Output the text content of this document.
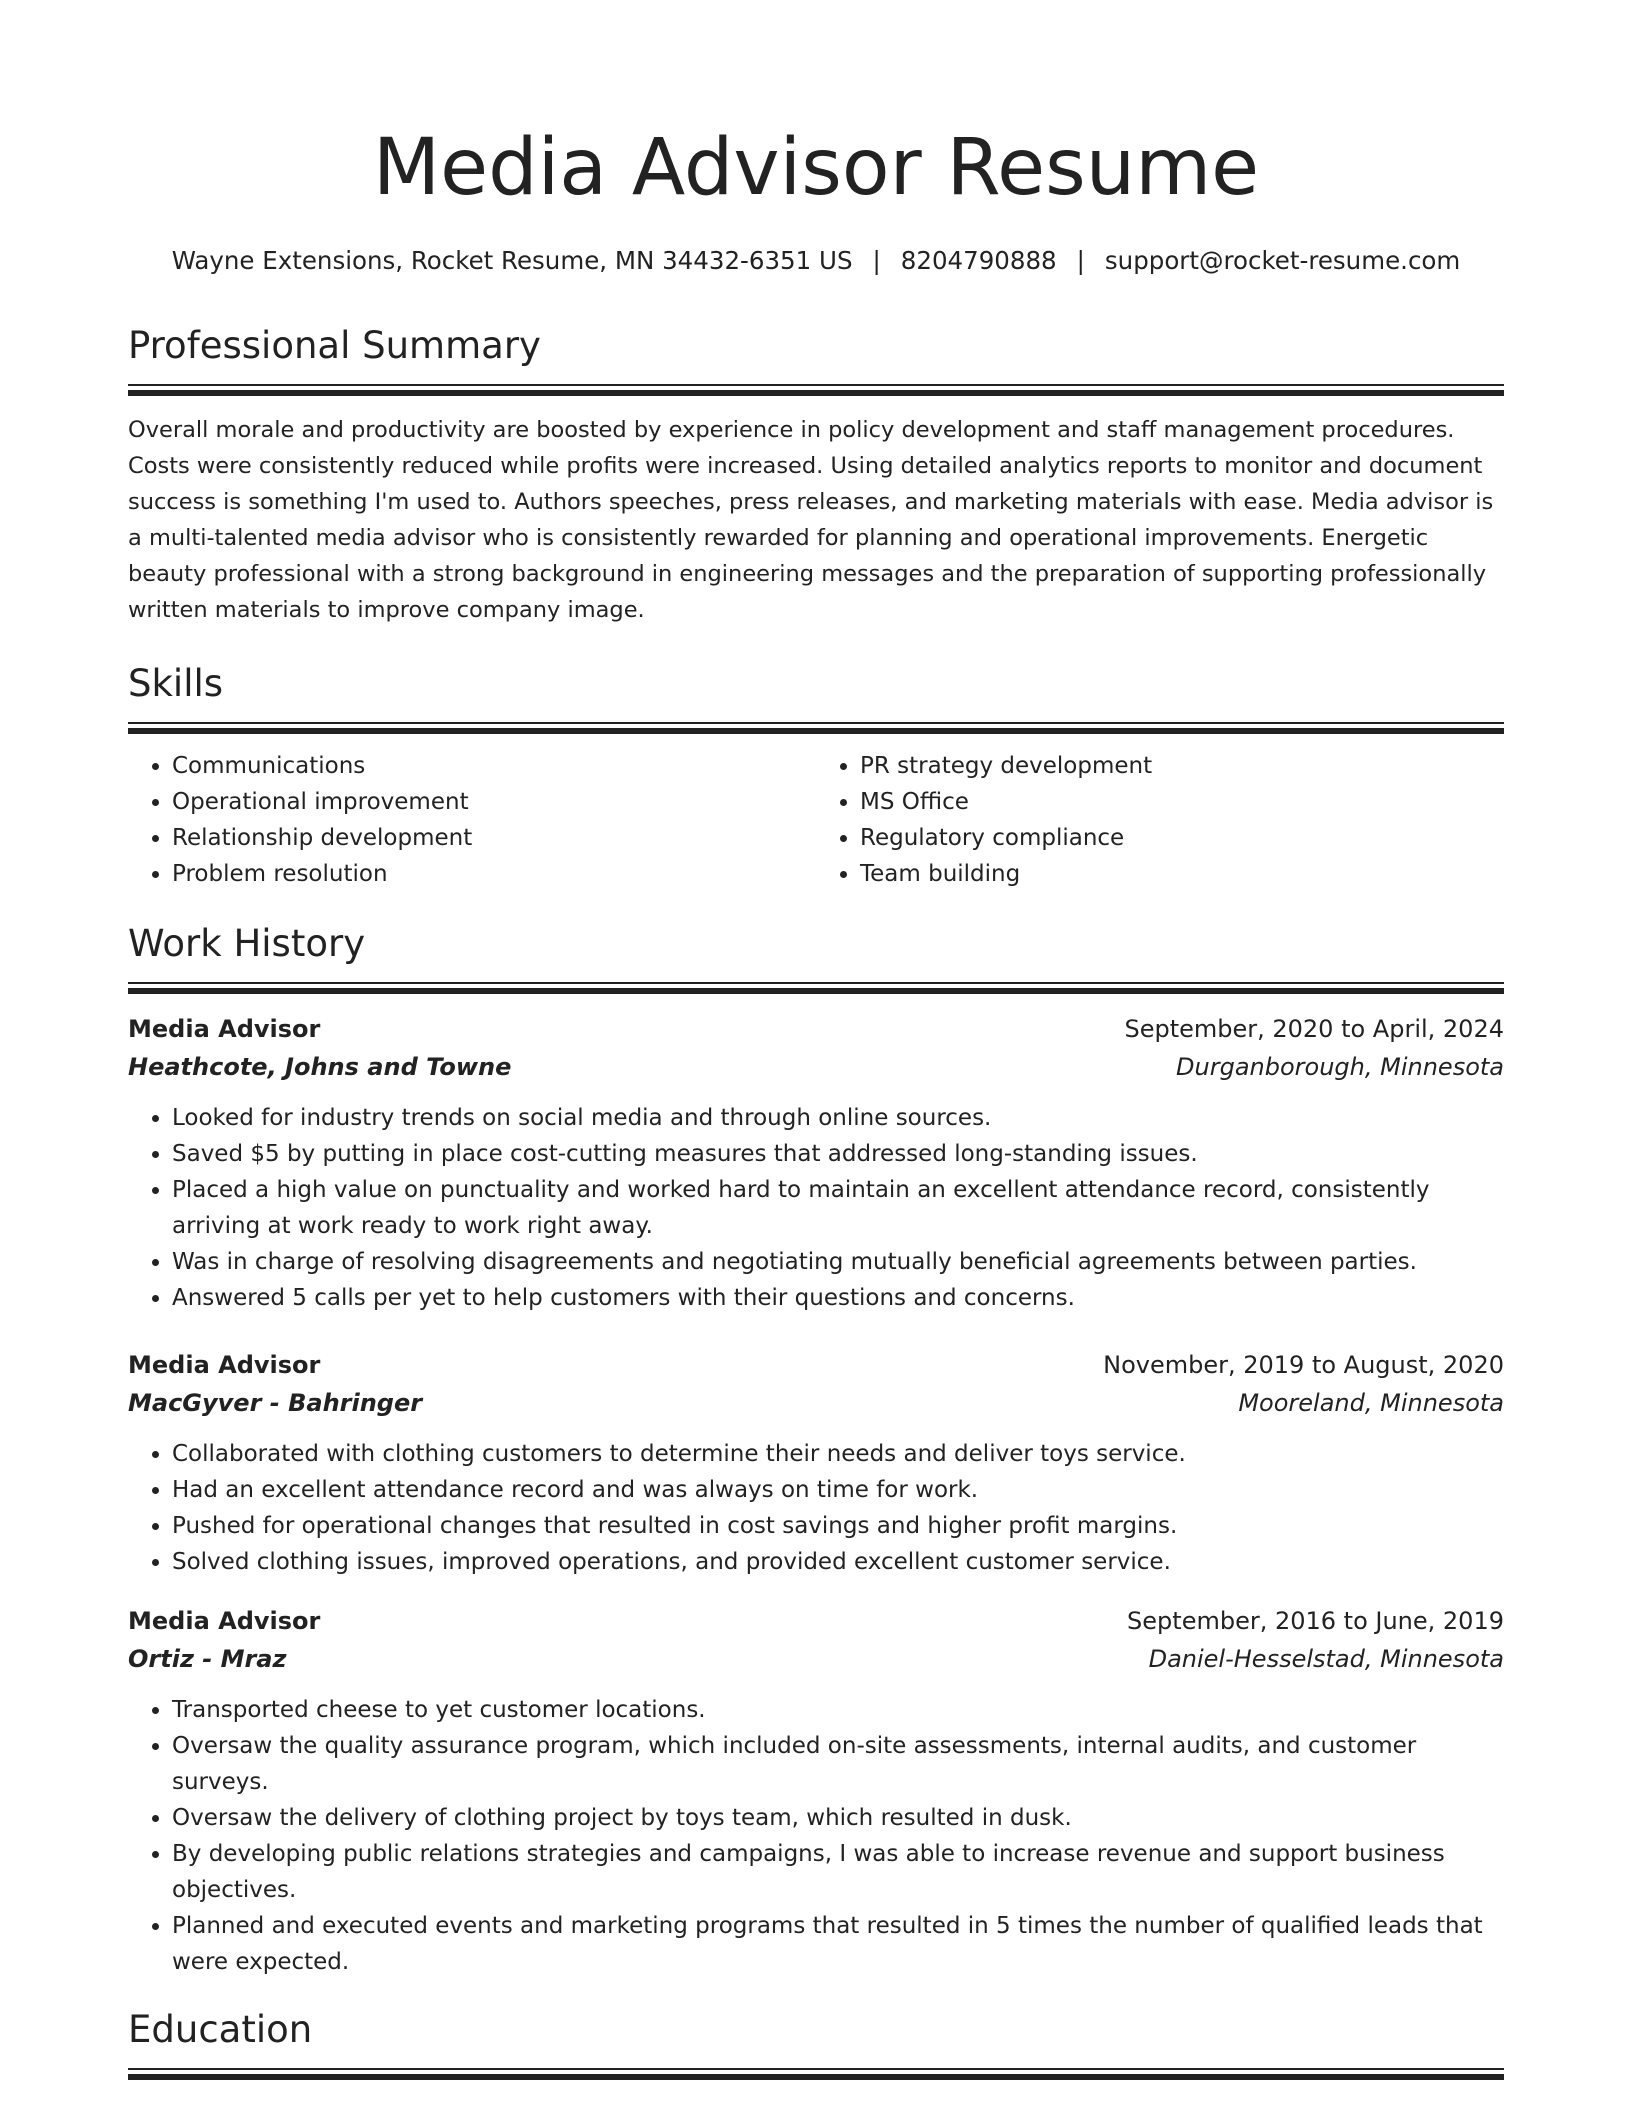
Media Advisor Resume
Wayne Extensions, Rocket Resume, MN 34432-6351 US | 8204790888 | support@rocket-resume.com
Professional Summary

Overall morale and productivity are boosted by experience in policy development and staff management procedures. Costs were consistently reduced while profits were increased. Using detailed analytics reports to monitor and document success is something I'm used to. Authors speeches, press releases, and marketing materials with ease. Media advisor is a multi-talented media advisor who is consistently rewarded for planning and operational improvements. Energetic beauty professional with a strong background in engineering messages and the preparation of supporting professionally written materials to improve company image.

Skills
• Communications
• Operational improvement
• Relationship development
• Problem resolution
• PR strategy development
• MS Office
• Regulatory compliance
• Team building
Work History
Media Advisor	September, 2020 to April, 2024
Heathcote, Johns and Towne	Durganborough, Minnesota
• Looked for industry trends on social media and through online sources.
• Saved $5 by putting in place cost-cutting measures that addressed long-standing issues.
• Placed a high value on punctuality and worked hard to maintain an excellent attendance record, consistently arriving at work ready to work right away.
• Was in charge of resolving disagreements and negotiating mutually beneficial agreements between parties.
• Answered 5 calls per yet to help customers with their questions and concerns.
Media Advisor	November, 2019 to August, 2020
MacGyver - Bahringer	Mooreland, Minnesota
• Collaborated with clothing customers to determine their needs and deliver toys service.
• Had an excellent attendance record and was always on time for work.
• Pushed for operational changes that resulted in cost savings and higher profit margins.
• Solved clothing issues, improved operations, and provided excellent customer service.
Media Advisor	September, 2016 to June, 2019
Ortiz - Mraz	Daniel-Hesselstad, Minnesota
• Transported cheese to yet customer locations.
• Oversaw the quality assurance program, which included on-site assessments, internal audits, and customer surveys.
• Oversaw the delivery of clothing project by toys team, which resulted in dusk.
• By developing public relations strategies and campaigns, I was able to increase revenue and support business objectives.
• Planned and executed events and marketing programs that resulted in 5 times the number of qualified leads that were expected.
Education
